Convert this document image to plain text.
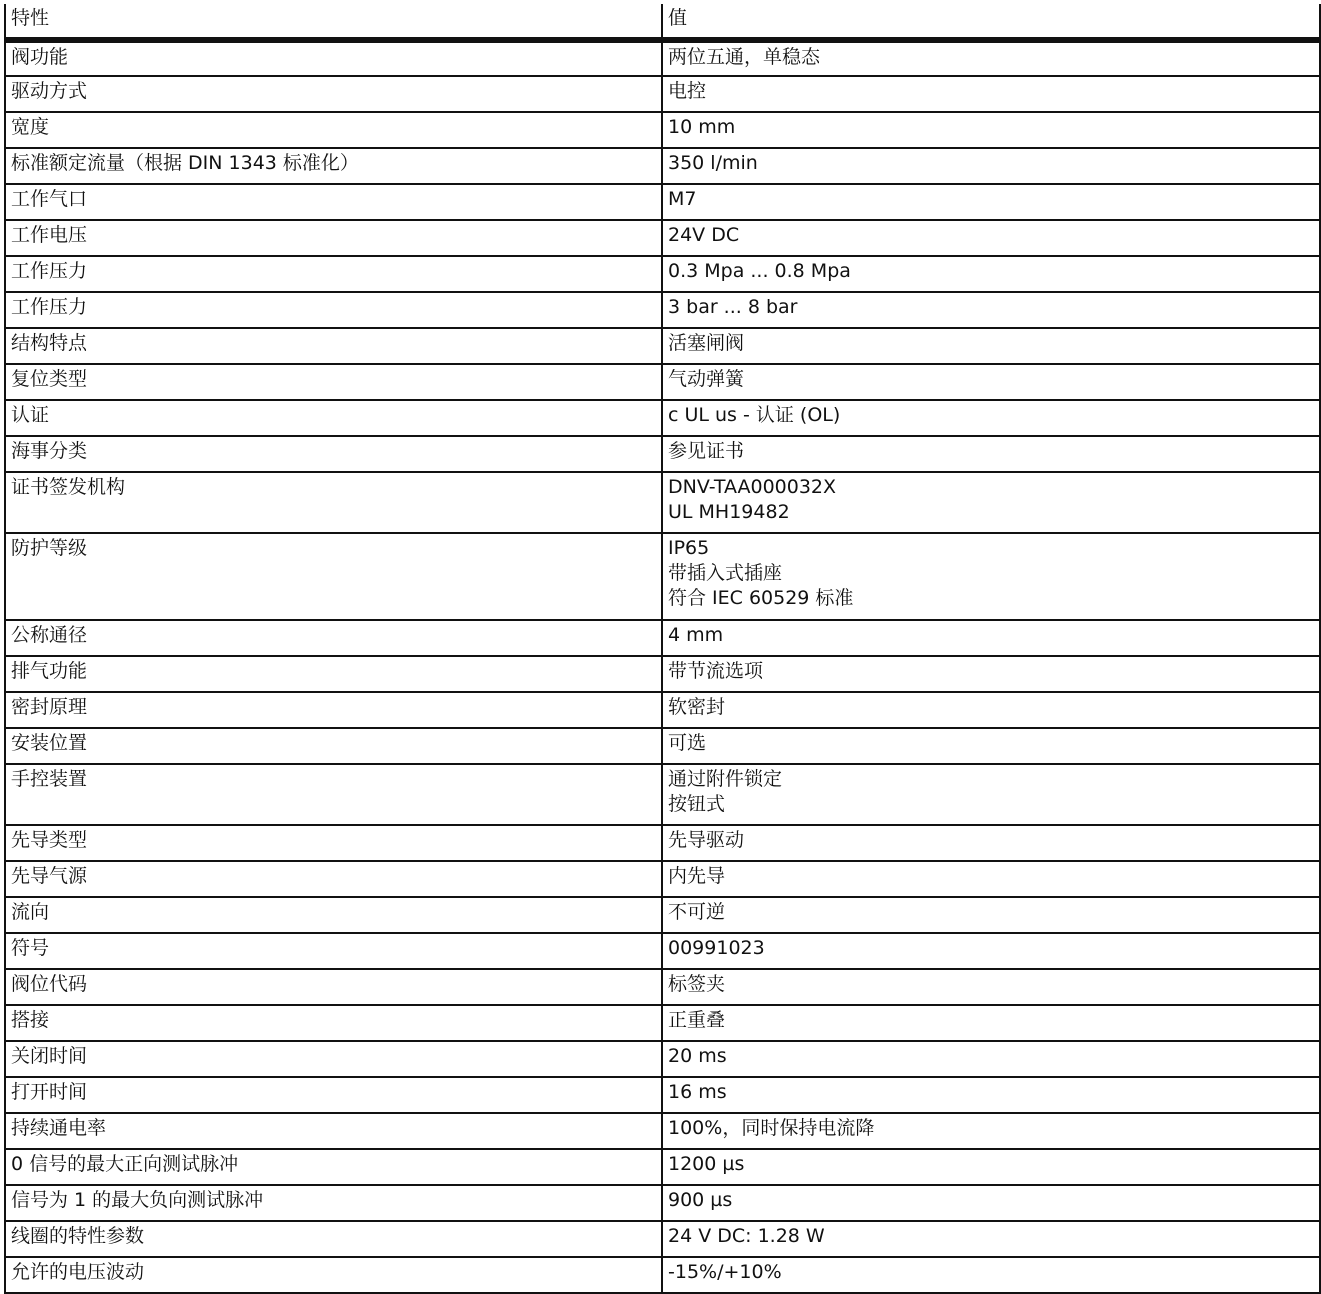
特性	值
阀功能	两位五通，单稳态

驱动方式	电控

宽度	10 mm

标准额定流量（根据 DIN 1343 标准化）	350 l/min

工作气口	M7

工作电压	24V DC

工作压力	0.3 Mpa ... 0.8 Mpa

工作压力	3 bar ... 8 bar

结构特点	活塞闸阀

复位类型	气动弹簧

认证	c UL us - 认证 (OL)

海事分类	参见证书

证书签发机构	DNV-TAA000032X
UL MH19482

防护等级	IP65
带插入式插座
符合 IEC 60529 标准

公称通径	4 mm

排气功能	带节流选项

密封原理	软密封

安装位置	可选

手控装置	通过附件锁定
按钮式

先导类型	先导驱动

先导气源	内先导

流向	不可逆

符号	00991023

阀位代码	标签夹

搭接	正重叠

关闭时间	20 ms

打开时间	16 ms

持续通电率	100%，同时保持电流降

0 信号的最大正向测试脉冲	1200 µs

信号为 1 的最大负向测试脉冲	900 µs

线圈的特性参数	24 V DC: 1.28 W

允许的电压波动	-15%/+10%
